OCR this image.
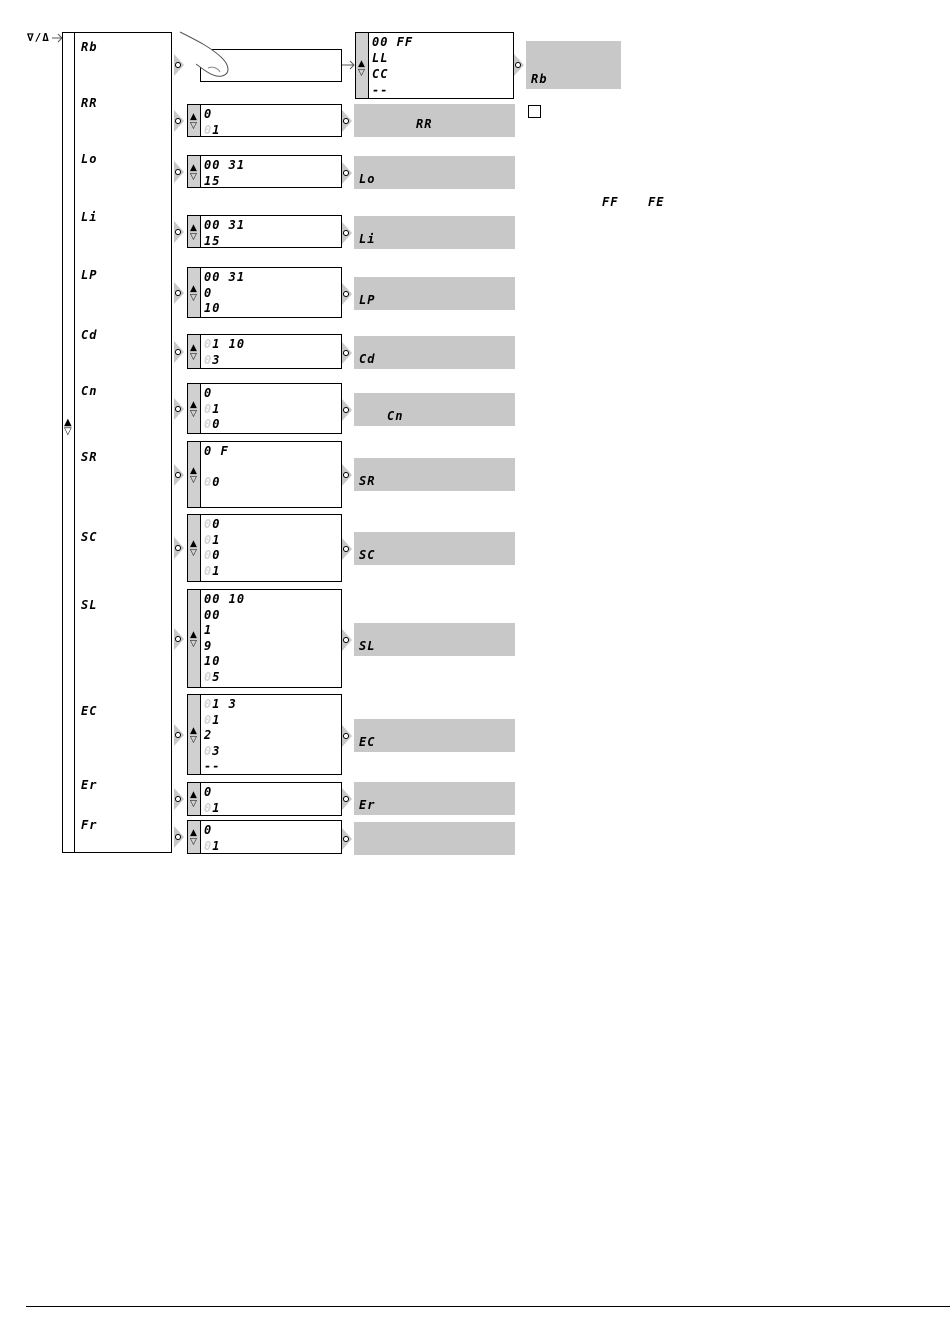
∇/Δ
▲
▽
Rb
RR
Lo
Li
LP
Cd
Cn
SR
SC
SL
EC
Er
Fr
▲
▽
0
01
▲
▽
00 31
15
▲
▽
00 31
15
▲
▽
00 31
0
10
▲
▽
01 10
03
▲
▽
0
01
00
▲
▽
0 F
00
▲
▽
00
01
00
01
▲
▽
00 10
00
1
9
10
05
▲
▽
01 3
01
2
03
--
▲
▽
0
01
▲
▽
0
01
▲
▽
00 FF
LL
CC
--
Rb
FF FE
RR
Lo
Li
LP
Cd
Cn
SR
SC
SL
EC
Er
